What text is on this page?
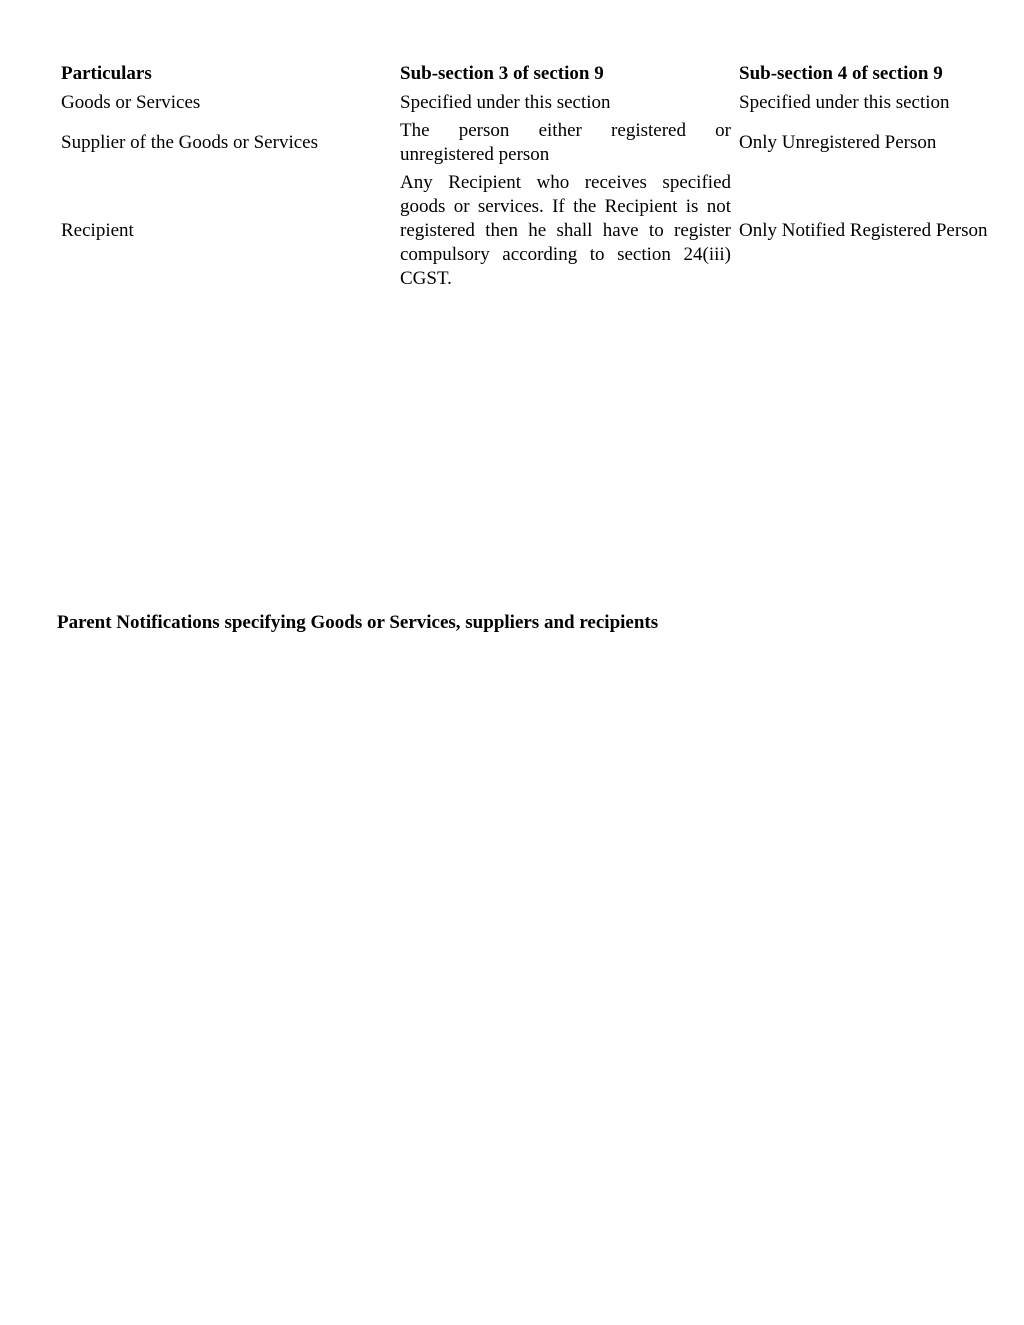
Particulars	Sub-section 3 of section 9	Sub-section 4 of section 9
Goods or Services	Specified under this section	Specified under this section
Supplier of the Goods or Services	The person either registered or unregistered person	Only Unregistered Person
Recipient	Any Recipient who receives specified goods or services. If the Recipient is not registered then he shall have to register compulsory according to section 24(iii) CGST.	Only Notified Registered Person
Parent Notifications specifying Goods or Services, suppliers and recipients
